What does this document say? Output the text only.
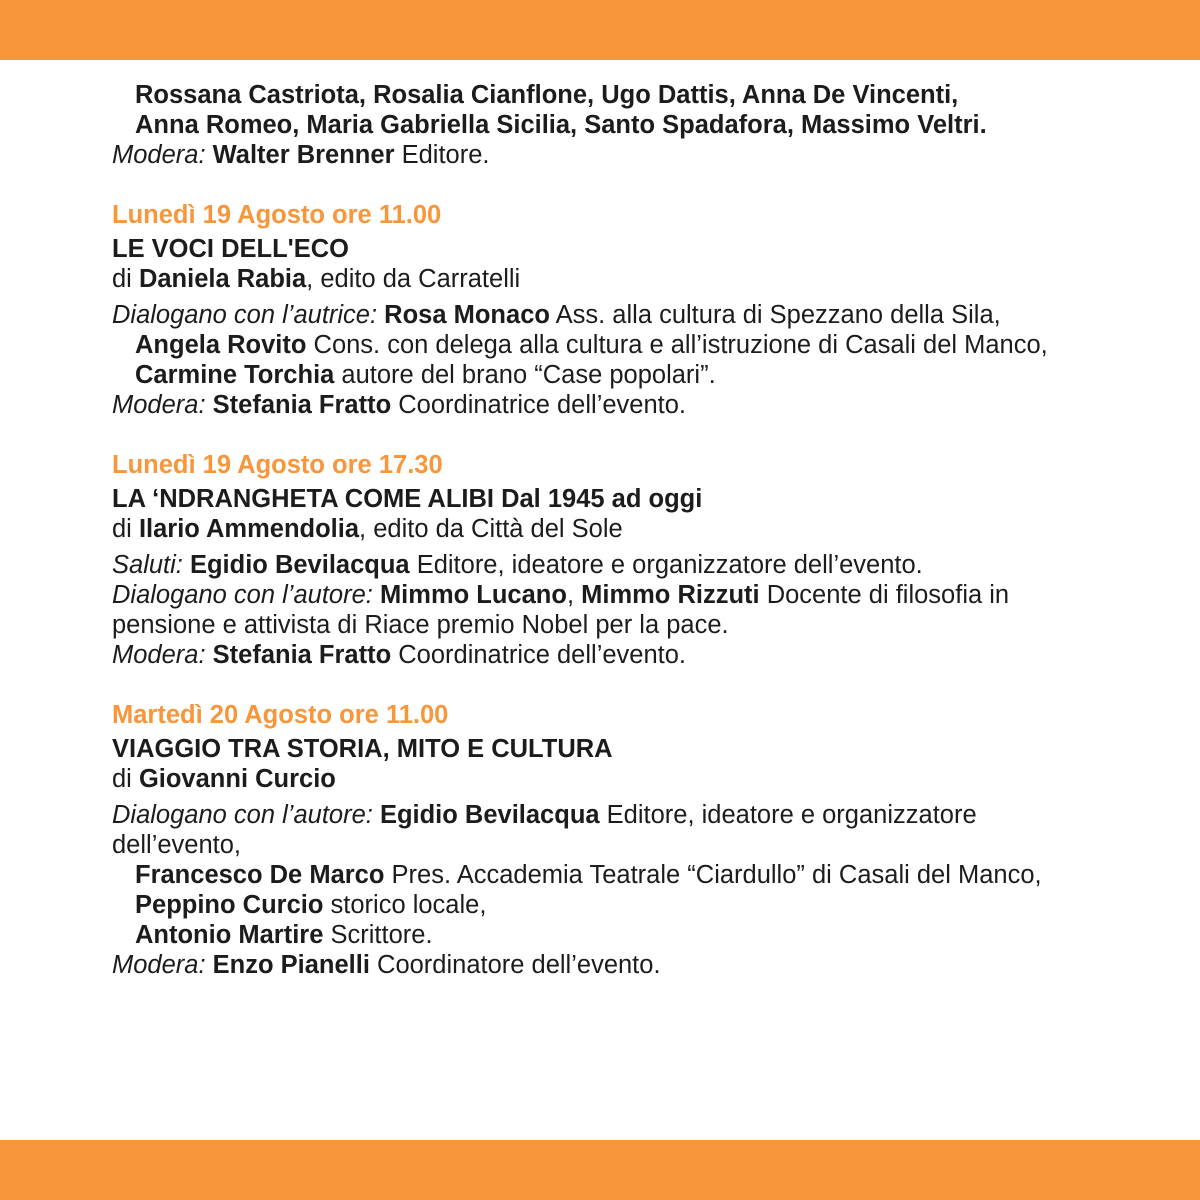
Rossana Castriota, Rosalia Cianflone, Ugo Dattis, Anna De Vincenti,
Anna Romeo, Maria Gabriella Sicilia, Santo Spadafora, Massimo Veltri.
Modera: Walter Brenner Editore.
Lunedì 19 Agosto ore 11.00
LE VOCI DELL'ECO
di Daniela Rabia, edito da Carratelli
Dialogano con l’autrice: Rosa Monaco Ass. alla cultura di Spezzano della Sila,
Angela Rovito Cons. con delega alla cultura e all’istruzione di Casali del Manco,
Carmine Torchia autore del brano “Case popolari”.
Modera: Stefania Fratto Coordinatrice dell’evento.
Lunedì 19 Agosto ore 17.30
LA ‘NDRANGHETA COME ALIBI Dal 1945 ad oggi
di Ilario Ammendolia, edito da Città del Sole
Saluti: Egidio Bevilacqua Editore, ideatore e organizzatore dell’evento.
Dialogano con l’autore: Mimmo Lucano, Mimmo Rizzuti Docente di filosofia in
pensione e attivista di Riace premio Nobel per la pace.
Modera: Stefania Fratto Coordinatrice dell’evento.
Martedì 20 Agosto ore 11.00
VIAGGIO TRA STORIA, MITO E CULTURA
di Giovanni Curcio
Dialogano con l’autore: Egidio Bevilacqua Editore, ideatore e organizzatore
dell’evento,
Francesco De Marco Pres. Accademia Teatrale “Ciardullo” di Casali del Manco,
Peppino Curcio storico locale,
Antonio Martire Scrittore.
Modera: Enzo Pianelli Coordinatore dell’evento.
